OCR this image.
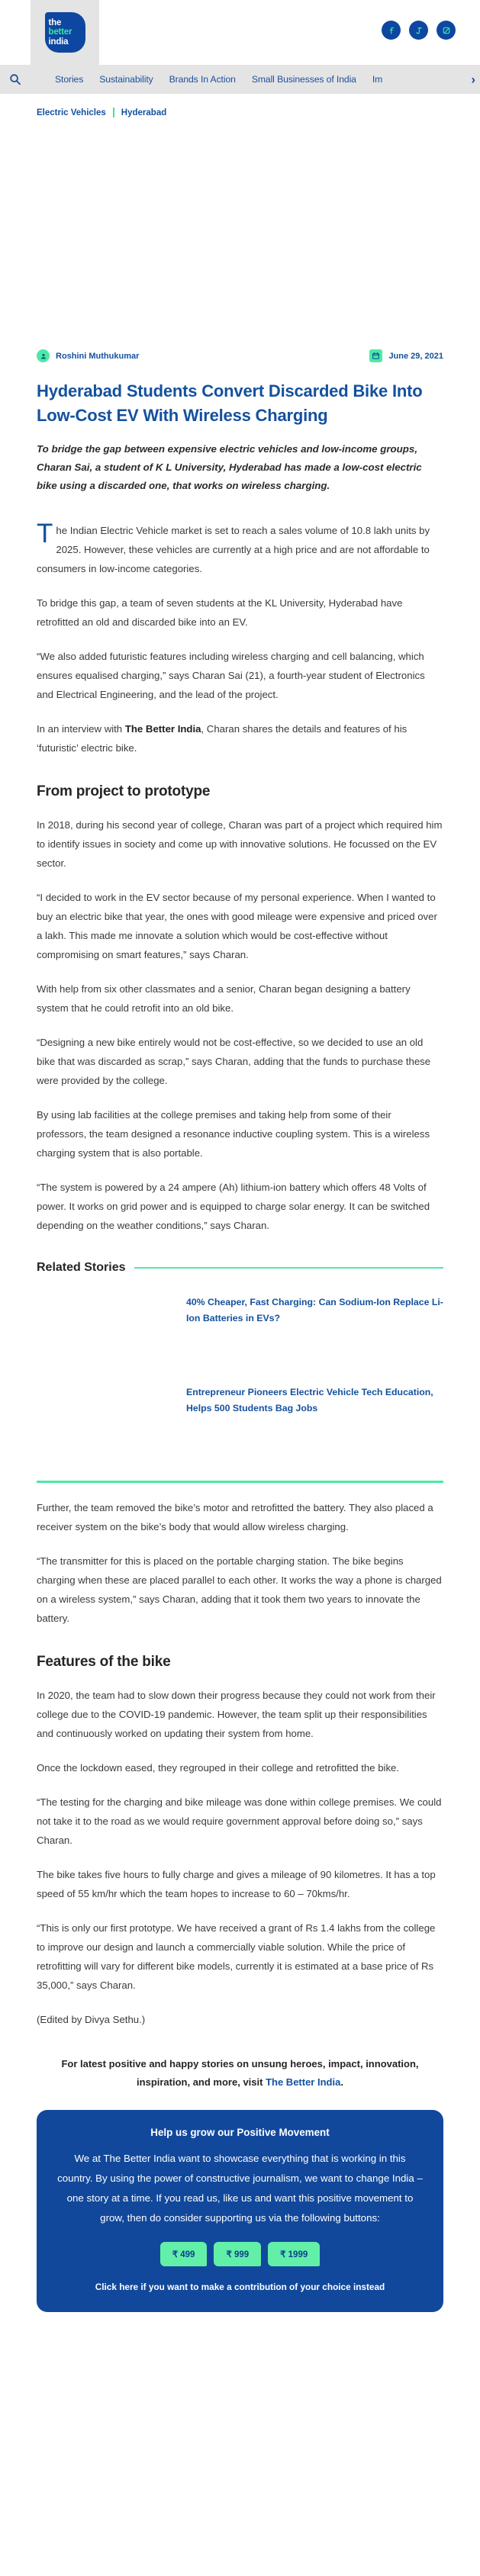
the
better
india
Stories Sustainability Brands In Action Small Businesses of India Im	›
Electric Vehicles Hyderabad
Roshini Muthukumar	June 29, 2021
Hyderabad Students Convert Discarded Bike Into Low-Cost EV With Wireless Charging

To bridge the gap between expensive electric vehicles and low-income groups, Charan Sai, a student of K L University, Hyderabad has made a low-cost electric bike using a discarded one, that works on wireless charging.

The Indian Electric Vehicle market is set to reach a sales volume of 10.8 lakh units by 2025. However, these vehicles are currently at a high price and are not affordable to consumers in low-income categories.

To bridge this gap, a team of seven students at the KL University, Hyderabad have retrofitted an old and discarded bike into an EV.

“We also added futuristic features including wireless charging and cell balancing, which ensures equalised charging,” says Charan Sai (21), a fourth-year student of Electronics and Electrical Engineering, and the lead of the project.

In an interview with The Better India, Charan shares the details and features of his ‘futuristic’ electric bike.

From project to prototype

In 2018, during his second year of college, Charan was part of a project which required him to identify issues in society and come up with innovative solutions. He focussed on the EV sector.

“I decided to work in the EV sector because of my personal experience. When I wanted to buy an electric bike that year, the ones with good mileage were expensive and priced over a lakh. This made me innovate a solution which would be cost-effective without compromising on smart features,” says Charan.

With help from six other classmates and a senior, Charan began designing a battery system that he could retrofit into an old bike.

“Designing a new bike entirely would not be cost-effective, so we decided to use an old bike that was discarded as scrap,” says Charan, adding that the funds to purchase these were provided by the college.

By using lab facilities at the college premises and taking help from some of their professors, the team designed a resonance inductive coupling system. This is a wireless charging system that is also portable.

“The system is powered by a 24 ampere (Ah) lithium-ion battery which offers 48 Volts of power. It works on grid power and is equipped to charge solar energy. It can be switched depending on the weather conditions,” says Charan.

Related Stories
40% Cheaper, Fast Charging: Can Sodium-Ion Replace Li-Ion Batteries in EVs?
Entrepreneur Pioneers Electric Vehicle Tech Education, Helps 500 Students Bag Jobs

Further, the team removed the bike’s motor and retrofitted the battery. They also placed a receiver system on the bike’s body that would allow wireless charging.

“The transmitter for this is placed on the portable charging station. The bike begins charging when these are placed parallel to each other. It works the way a phone is charged on a wireless system,” says Charan, adding that it took them two years to innovate the battery.

Features of the bike

In 2020, the team had to slow down their progress because they could not work from their college due to the COVID-19 pandemic. However, the team split up their responsibilities and continuously worked on updating their system from home.

Once the lockdown eased, they regrouped in their college and retrofitted the bike.

“The testing for the charging and bike mileage was done within college premises. We could not take it to the road as we would require government approval before doing so,” says Charan.

The bike takes five hours to fully charge and gives a mileage of 90 kilometres. It has a top speed of 55 km/hr which the team hopes to increase to 60 – 70kms/hr.

“This is only our first prototype. We have received a grant of Rs 1.4 lakhs from the college to improve our design and launch a commercially viable solution. While the price of retrofitting will vary for different bike models, currently it is estimated at a base price of Rs 35,000,” says Charan.

(Edited by Divya Sethu.)

For latest positive and happy stories on unsung heroes, impact, innovation, inspiration, and more, visit The Better India.

Help us grow our Positive Movement

We at The Better India want to showcase everything that is working in this country. By using the power of constructive journalism, we want to change India – one story at a time. If you read us, like us and want this positive movement to grow, then do consider supporting us via the following buttons:

₹ 499	₹ 999	₹ 1999
Click here if you want to make a contribution of your choice instead
